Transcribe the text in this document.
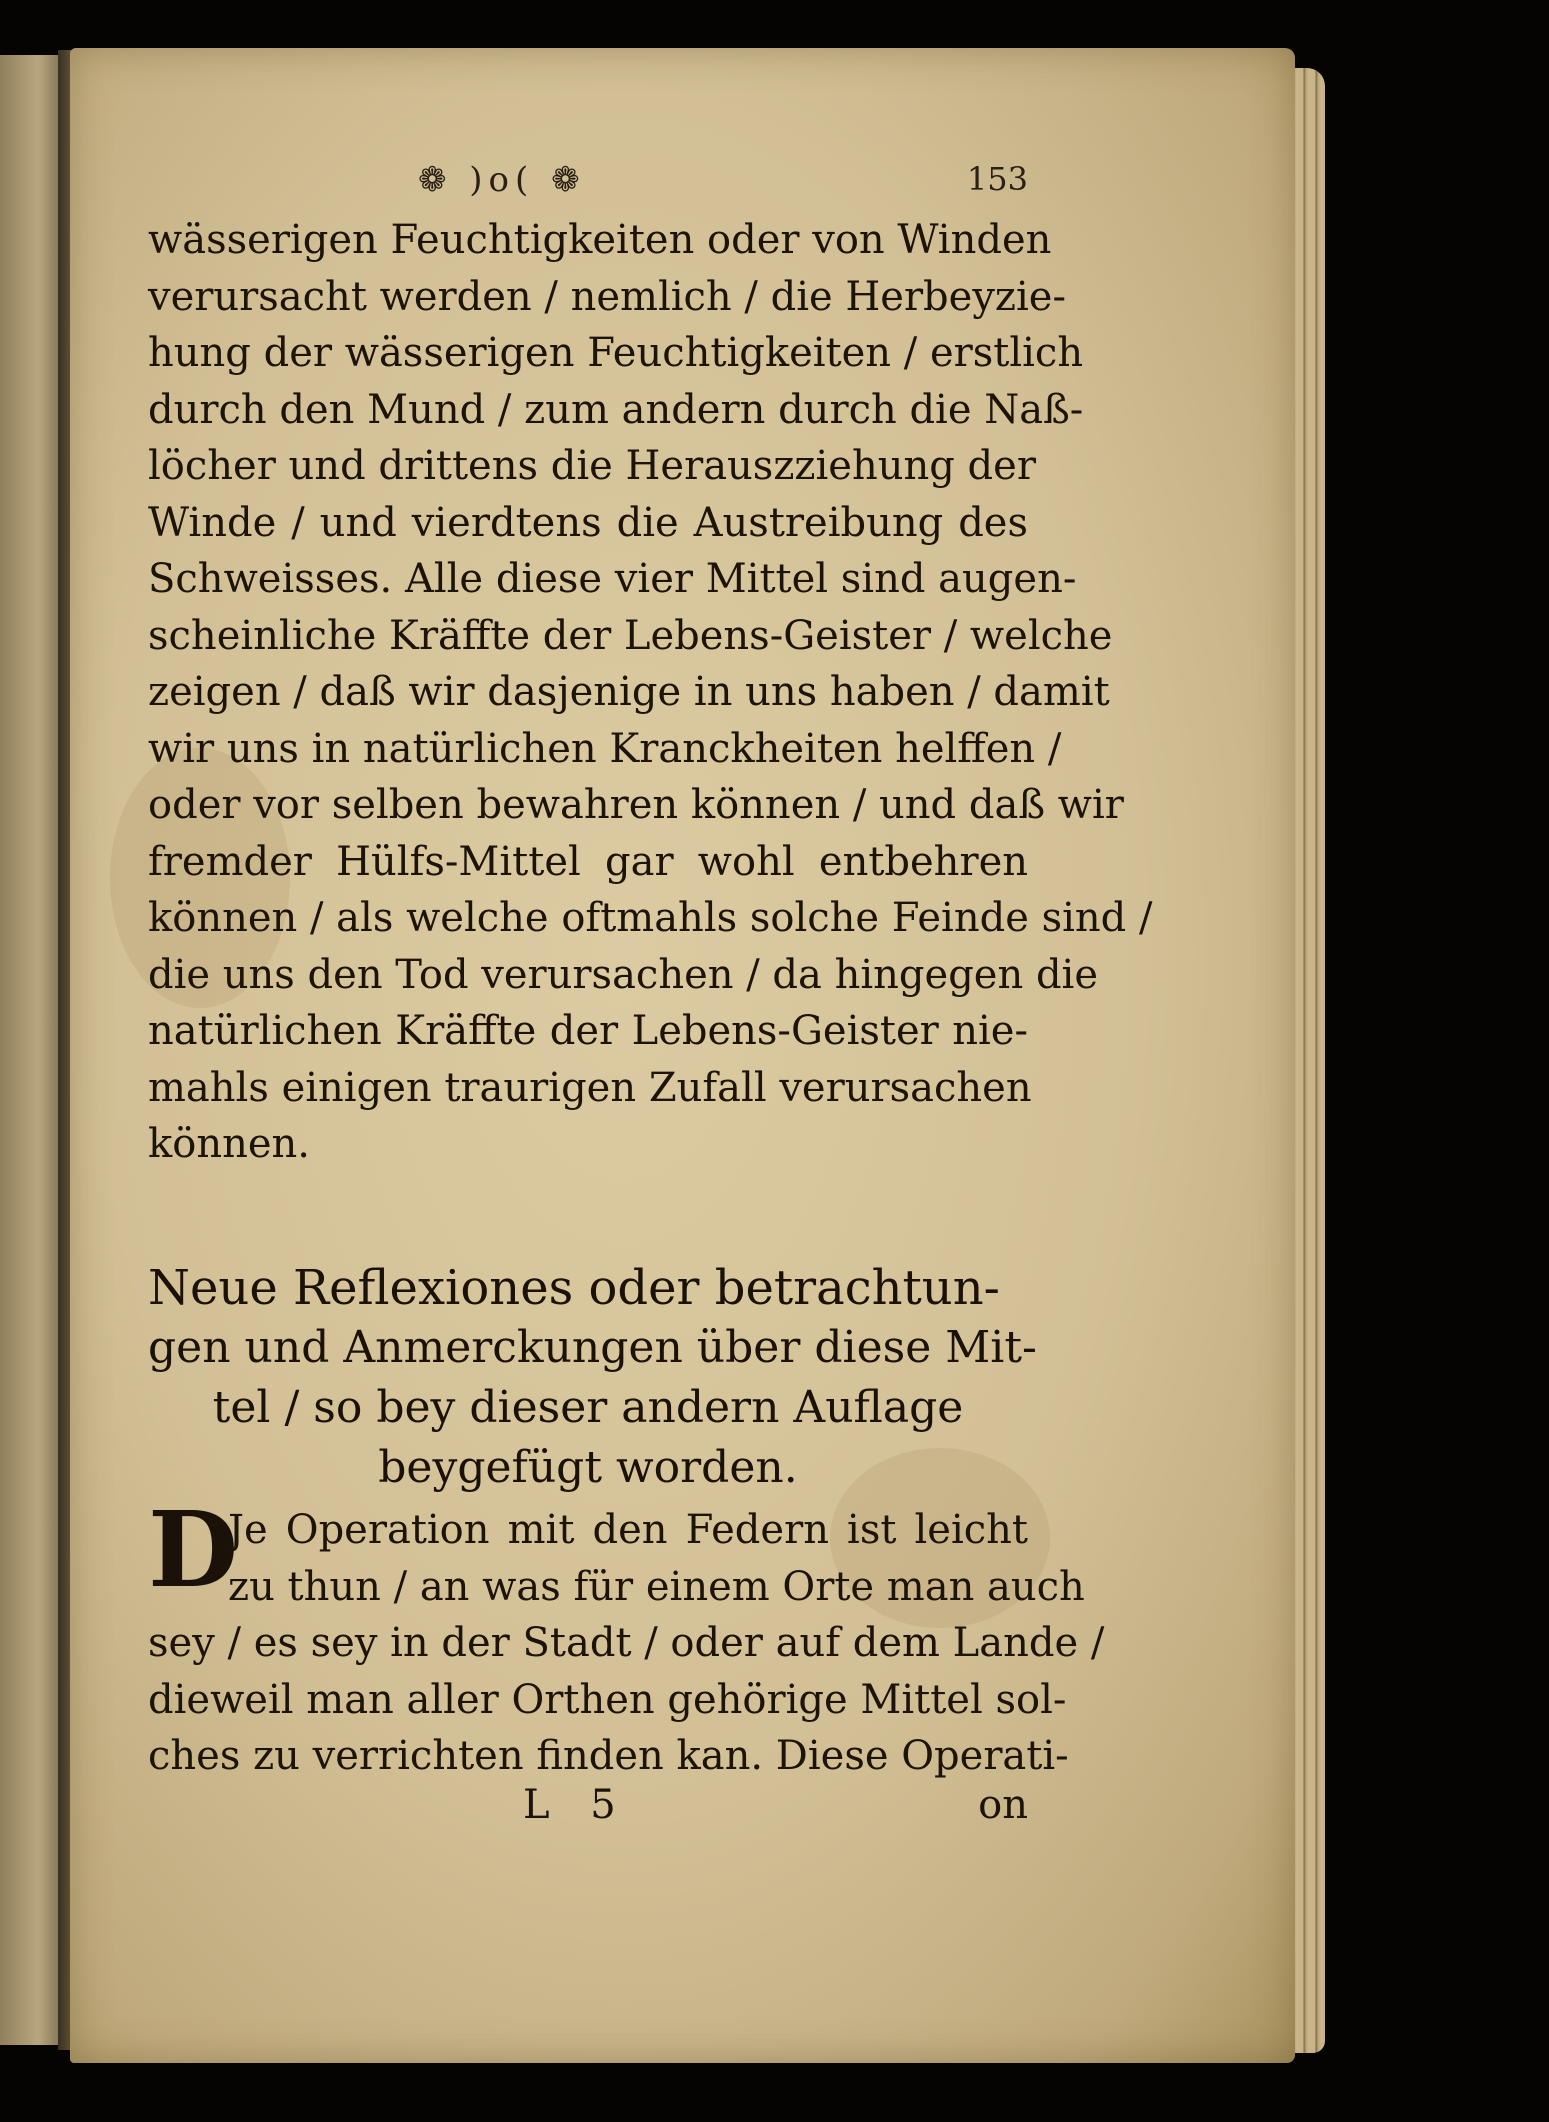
❁ )o( ❁	153
wässerigen Feuchtigkeiten oder von Winden
verursacht werden / nemlich / die Herbeyzie-
hung der wässerigen Feuchtigkeiten / erstlich
durch den Mund / zum andern durch die Naß-
löcher und drittens die Herauszziehung der
Winde / und vierdtens die Austreibung des
Schweisses. Alle diese vier Mittel sind augen-
scheinliche Kräffte der Lebens-Geister / welche
zeigen / daß wir dasjenige in uns haben / damit
wir uns in natürlichen Kranckheiten helffen /
oder vor selben bewahren können / und daß wir
fremder Hülfs-Mittel gar wohl entbehren
können / als welche oftmahls solche Feinde sind /
die uns den Tod verursachen / da hingegen die
natürlichen Kräffte der Lebens-Geister nie-
mahls einigen traurigen Zufall verursachen
können.
Neue Reflexiones oder betrachtun-
gen und Anmerckungen über diese Mit-
tel / so bey dieser andern Auflage
beygefügt worden.
D
Je Operation mit den Federn ist leicht
zu thun / an was für einem Orte man auch
sey / es sey in der Stadt / oder auf dem Lande /
dieweil man aller Orthen gehörige Mittel sol-
ches zu verrichten finden kan. Diese Operati-
L 5	on
